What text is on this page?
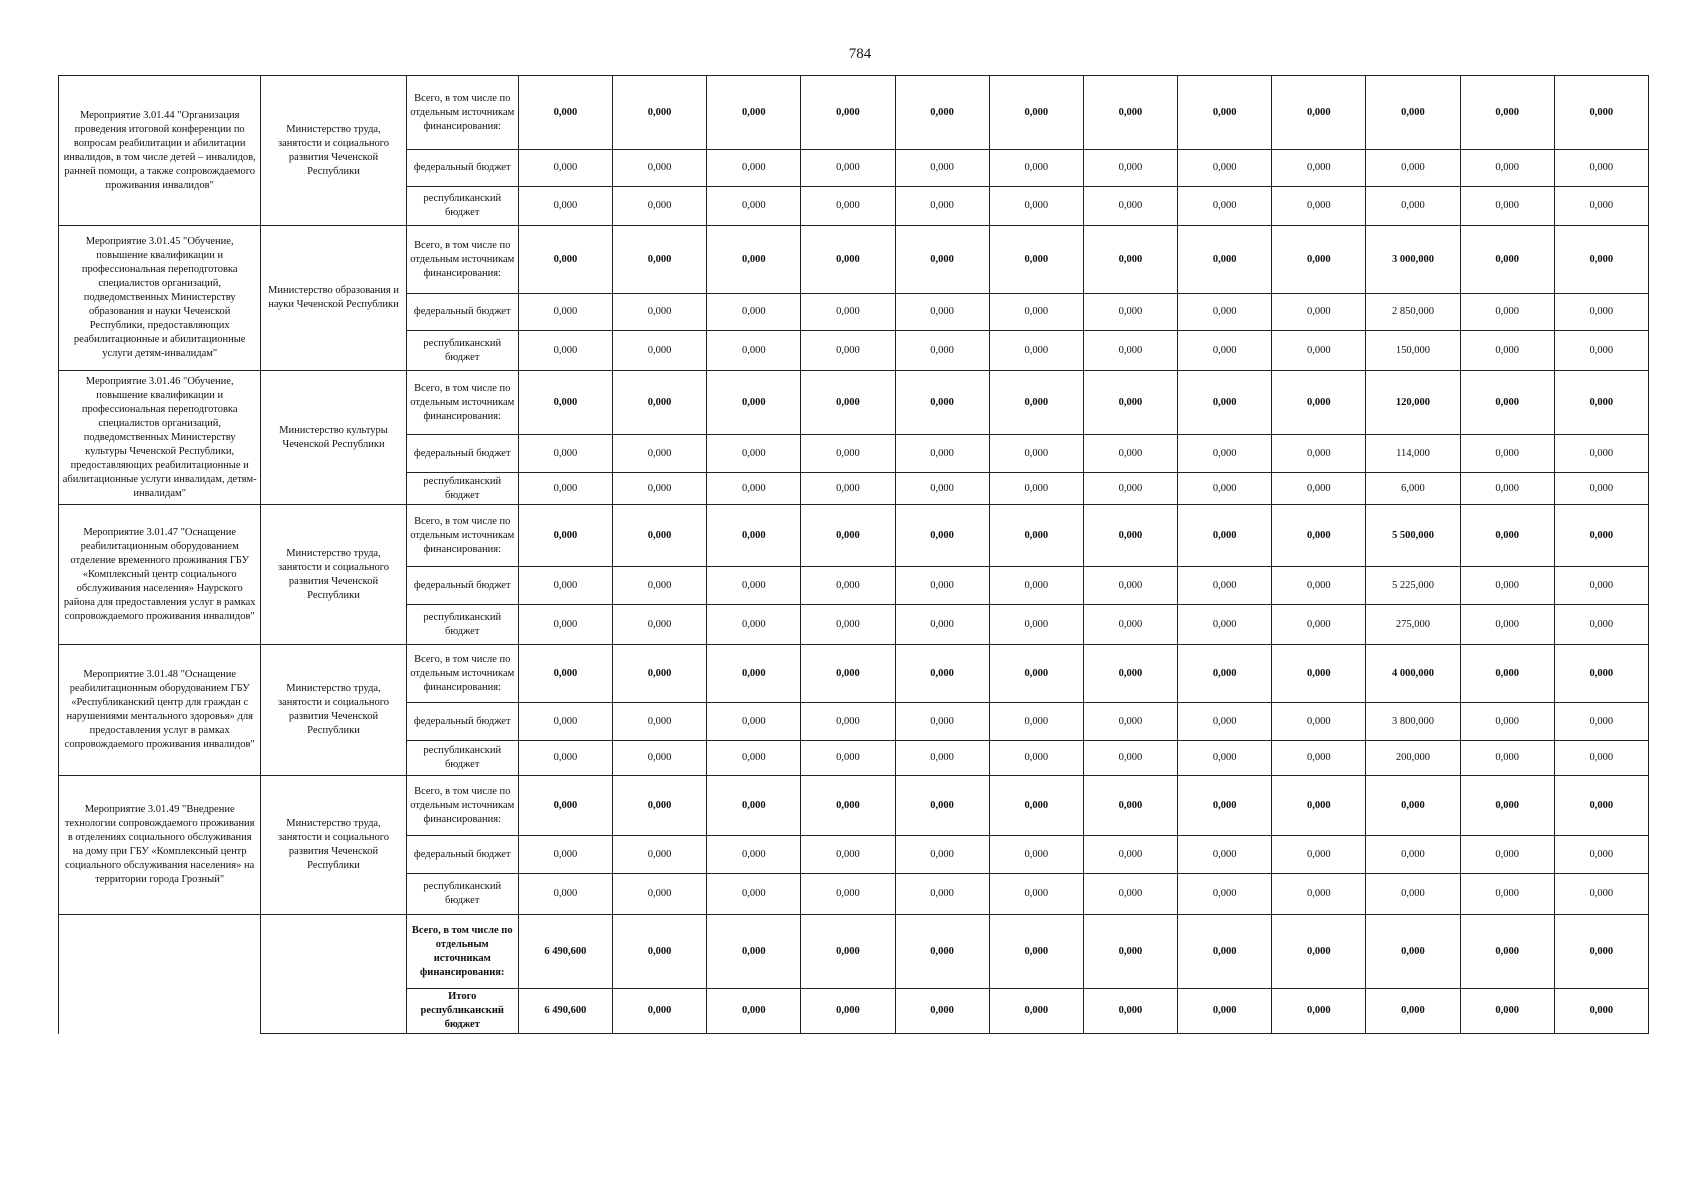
784
Мероприятие 3.01.44 "Организация проведения итоговой конференции по вопросам реабилитации и абилитации инвалидов, в том числе детей – инвалидов, ранней помощи, а также сопровождаемого проживания инвалидов"	Министерство труда, занятости и социального развития Чеченской Республики	Всего, в том числе по отдельным источникам финансирования:	0,000	0,000	0,000	0,000	0,000	0,000	0,000	0,000	0,000	0,000	0,000	0,000
		федеральный бюджет	0,000	0,000	0,000	0,000	0,000	0,000	0,000	0,000	0,000	0,000	0,000	0,000
		республиканский бюджет	0,000	0,000	0,000	0,000	0,000	0,000	0,000	0,000	0,000	0,000	0,000	0,000
Мероприятие 3.01.45 "Обучение, повышение квалификации и профессиональная переподготовка специалистов организаций, подведомственных Министерству образования и науки Чеченской Республики, предоставляющих реабилитационные и абилитационные услуги детям-инвалидам"	Министерство образования и науки Чеченской Республики	Всего, в том числе по отдельным источникам финансирования:	0,000	0,000	0,000	0,000	0,000	0,000	0,000	0,000	0,000	3 000,000	0,000	0,000
		федеральный бюджет	0,000	0,000	0,000	0,000	0,000	0,000	0,000	0,000	0,000	2 850,000	0,000	0,000
		республиканский бюджет	0,000	0,000	0,000	0,000	0,000	0,000	0,000	0,000	0,000	150,000	0,000	0,000
Мероприятие 3.01.46 "Обучение, повышение квалификации и профессиональная переподготовка специалистов организаций, подведомственных Министерству культуры Чеченской Республики, предоставляющих реабилитационные и абилитационные услуги инвалидам, детям-инвалидам"	Министерство культуры Чеченской Республики	Всего, в том числе по отдельным источникам финансирования:	0,000	0,000	0,000	0,000	0,000	0,000	0,000	0,000	0,000	120,000	0,000	0,000
		федеральный бюджет	0,000	0,000	0,000	0,000	0,000	0,000	0,000	0,000	0,000	114,000	0,000	0,000
		республиканский бюджет	0,000	0,000	0,000	0,000	0,000	0,000	0,000	0,000	0,000	6,000	0,000	0,000
Мероприятие 3.01.47 "Оснащение реабилитационным оборудованием отделение временного проживания ГБУ «Комплексный центр социального обслуживания населения» Наурского района для предоставления услуг в рамках сопровождаемого проживания инвалидов"	Министерство труда, занятости и социального развития Чеченской Республики	Всего, в том числе по отдельным источникам финансирования:	0,000	0,000	0,000	0,000	0,000	0,000	0,000	0,000	0,000	5 500,000	0,000	0,000
		федеральный бюджет	0,000	0,000	0,000	0,000	0,000	0,000	0,000	0,000	0,000	5 225,000	0,000	0,000
		республиканский бюджет	0,000	0,000	0,000	0,000	0,000	0,000	0,000	0,000	0,000	275,000	0,000	0,000
Мероприятие 3.01.48 "Оснащение реабилитационным оборудованием ГБУ «Республиканский центр для граждан с нарушениями ментального здоровья» для предоставления услуг в рамках сопровождаемого проживания инвалидов"	Министерство труда, занятости и социального развития Чеченской Республики	Всего, в том числе по отдельным источникам финансирования:	0,000	0,000	0,000	0,000	0,000	0,000	0,000	0,000	0,000	4 000,000	0,000	0,000
		федеральный бюджет	0,000	0,000	0,000	0,000	0,000	0,000	0,000	0,000	0,000	3 800,000	0,000	0,000
		республиканский бюджет	0,000	0,000	0,000	0,000	0,000	0,000	0,000	0,000	0,000	200,000	0,000	0,000
Мероприятие 3.01.49 "Внедрение технологии сопровождаемого проживания в отделениях социального обслуживания на дому при ГБУ «Комплексный центр социального обслуживания населения» на территории города Грозный"	Министерство труда, занятости и социального развития Чеченской Республики	Всего, в том числе по отдельным источникам финансирования:	0,000	0,000	0,000	0,000	0,000	0,000	0,000	0,000	0,000	0,000	0,000	0,000
		федеральный бюджет	0,000	0,000	0,000	0,000	0,000	0,000	0,000	0,000	0,000	0,000	0,000	0,000
		республиканский бюджет	0,000	0,000	0,000	0,000	0,000	0,000	0,000	0,000	0,000	0,000	0,000	0,000
		Всего, в том числе по отдельным источникам финансирования:	6 490,600	0,000	0,000	0,000	0,000	0,000	0,000	0,000	0,000	0,000	0,000	0,000
		Итого республиканский бюджет	6 490,600	0,000	0,000	0,000	0,000	0,000	0,000	0,000	0,000	0,000	0,000	0,000
